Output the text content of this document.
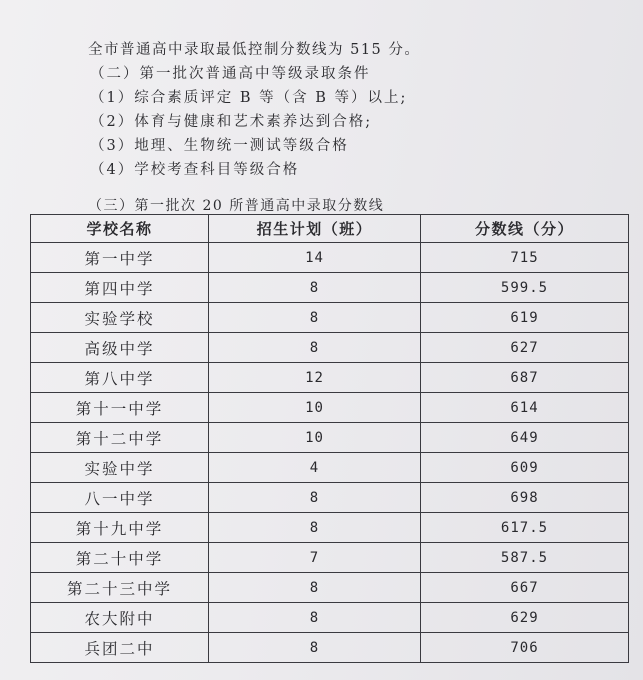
全市普通高中录取最低控制分数线为 515 分。
（二）第一批次普通高中等级录取条件
（1）综合素质评定 B 等（含 B 等）以上;
（2）体育与健康和艺术素养达到合格;
（3）地理、生物统一测试等级合格
（4）学校考查科目等级合格
（三）第一批次 20 所普通高中录取分数线
学校名称	招生计划（班）	分数线（分）
第一中学	14	715
第四中学	8	599.5
实验学校	8	619
高级中学	8	627
第八中学	12	687
第十一中学	10	614
第十二中学	10	649
实验中学	4	609
八一中学	8	698
第十九中学	8	617.5
第二十中学	7	587.5
第二十三中学	8	667
农大附中	8	629
兵团二中	8	706
